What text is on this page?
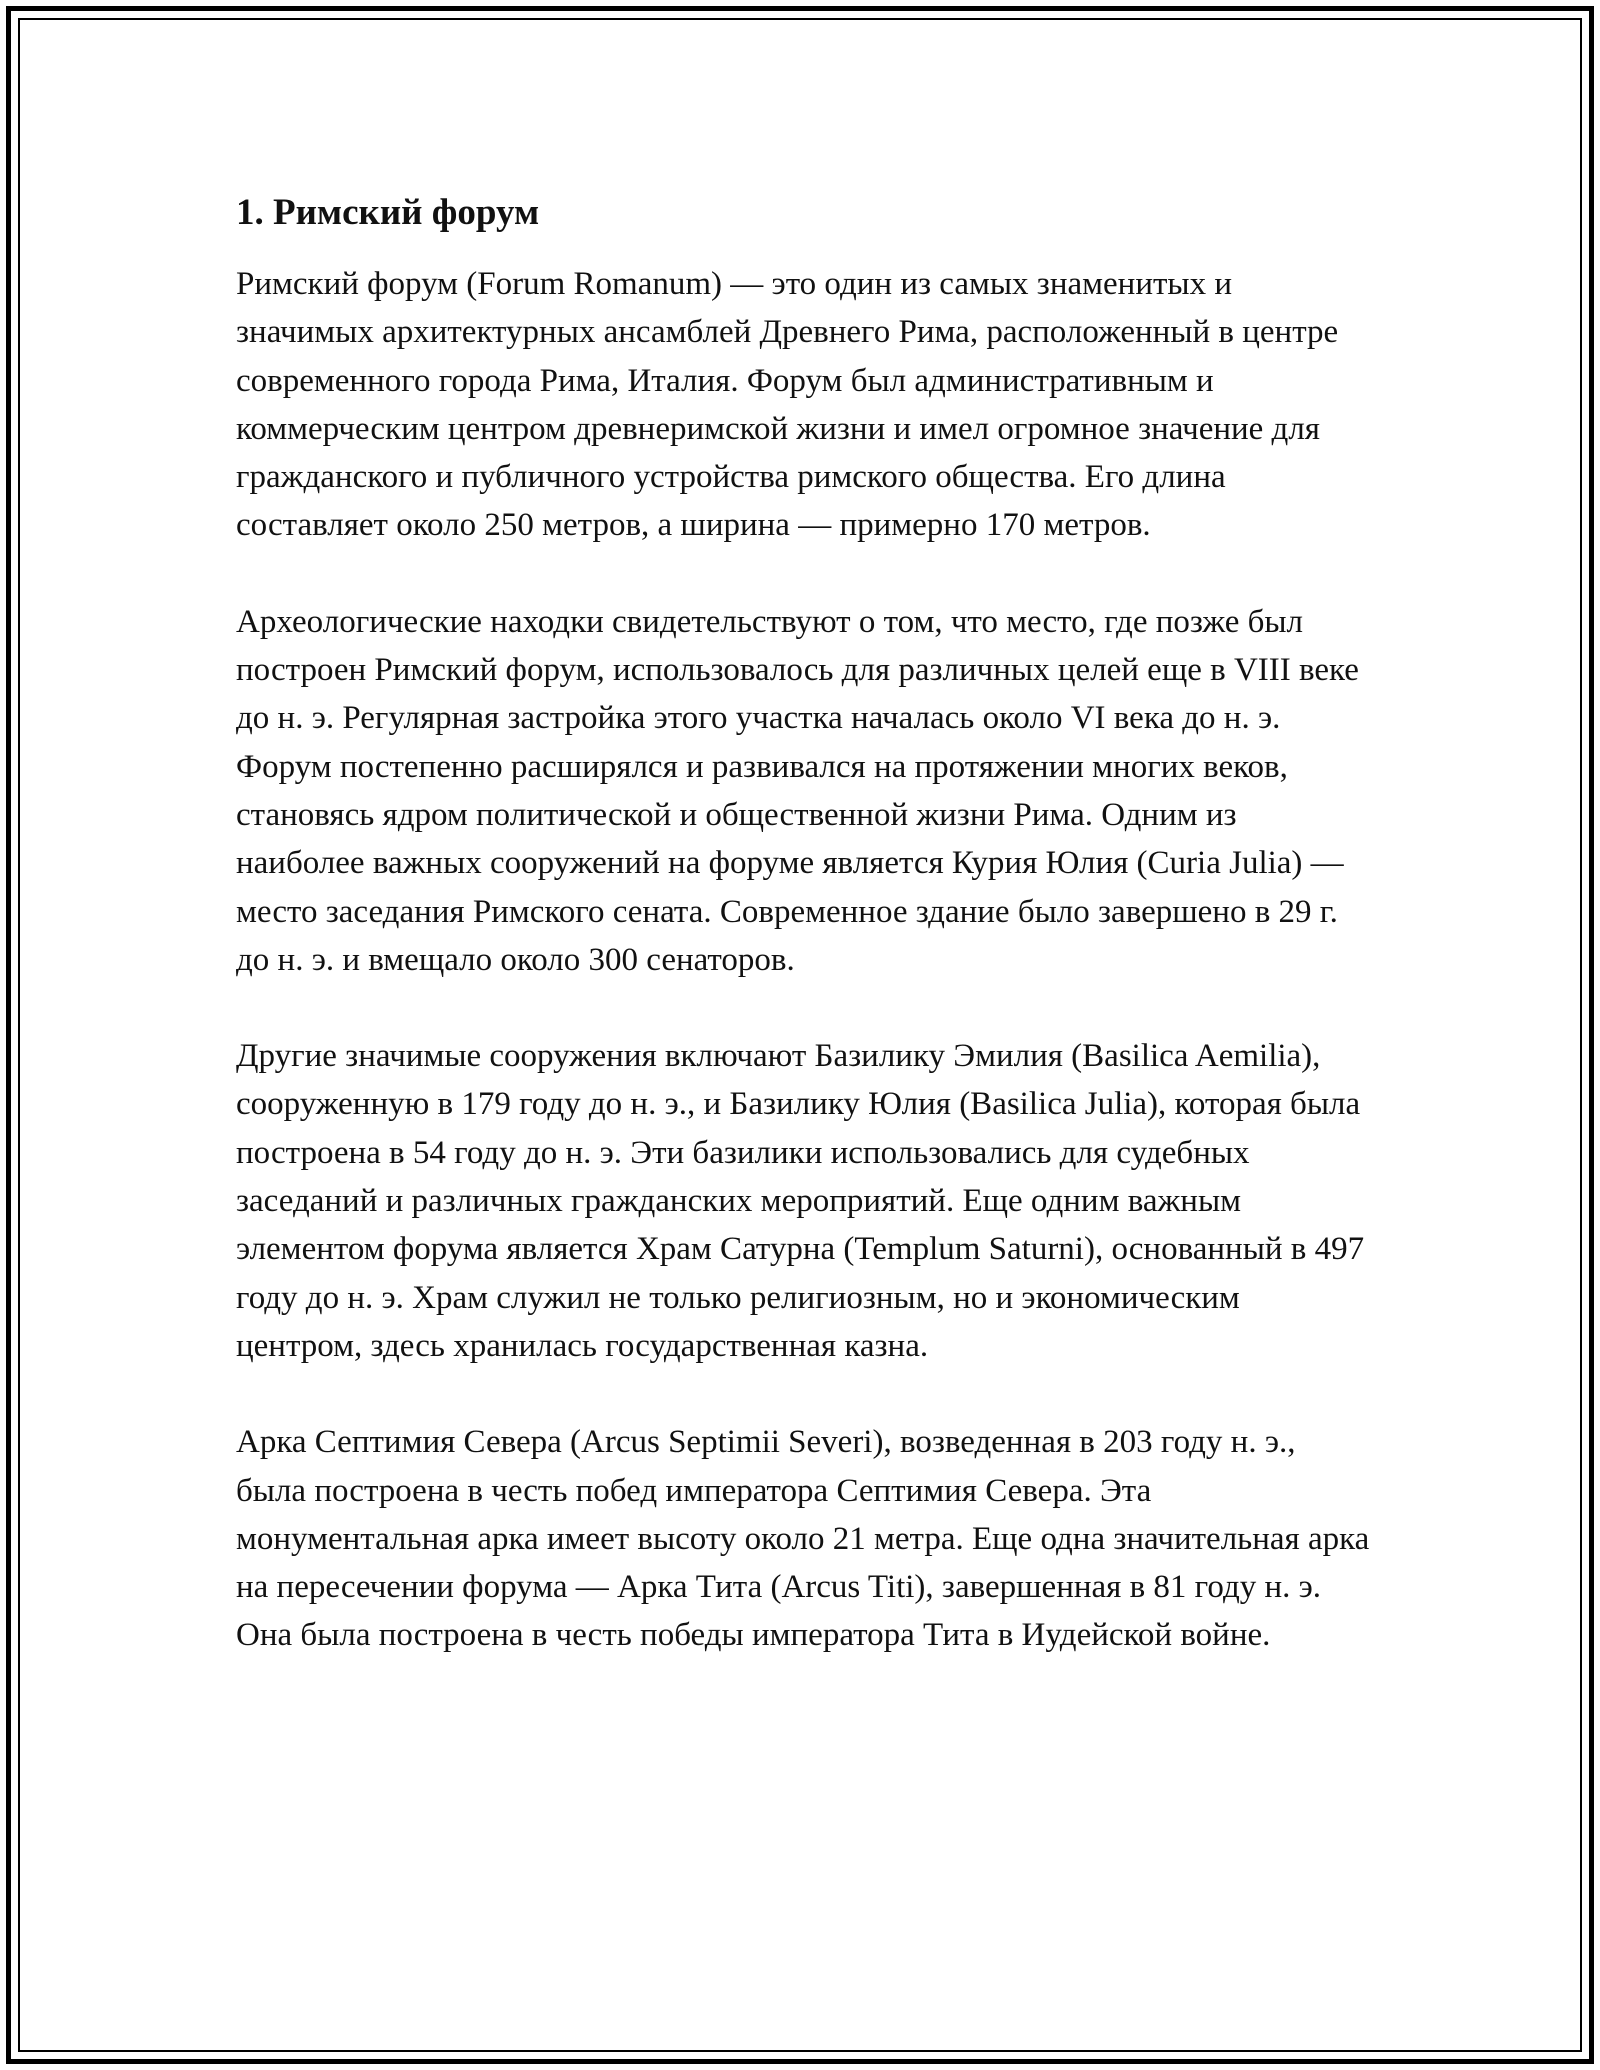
1. Римский форум

Римский форум (Forum Romanum) — это один из самых знаменитых и значимых архитектурных ансамблей Древнего Рима, расположенный в центре современного города Рима, Италия. Форум был административным и коммерческим центром древнеримской жизни и имел огромное значение для гражданского и публичного устройства римского общества. Его длина составляет около 250 метров, а ширина — примерно 170 метров.

Археологические находки свидетельствуют о том, что место, где позже был построен Римский форум, использовалось для различных целей еще в VIII веке до н. э. Регулярная застройка этого участка началась около VI века до н. э. Форум постепенно расширялся и развивался на протяжении многих веков, становясь ядром политической и общественной жизни Рима. Одним из наиболее важных сооружений на форуме является Курия Юлия (Curia Julia) — место заседания Римского сената. Современное здание было завершено в 29 г. до н. э. и вмещало около 300 сенаторов.

Другие значимые сооружения включают Базилику Эмилия (Basilica Aemilia), сооруженную в 179 году до н. э., и Базилику Юлия (Basilica Julia), которая была построена в 54 году до н. э. Эти базилики использовались для судебных заседаний и различных гражданских мероприятий. Еще одним важным элементом форума является Храм Сатурна (Templum Saturni), основанный в 497 году до н. э. Храм служил не только религиозным, но и экономическим центром, здесь хранилась государственная казна.

Арка Септимия Севера (Arcus Septimii Severi), возведенная в 203 году н. э., была построена в честь побед императора Септимия Севера. Эта монументальная арка имеет высоту около 21 метра. Еще одна значительная арка на пересечении форума — Арка Тита (Arcus Titi), завершенная в 81 году н. э. Она была построена в честь победы императора Тита в Иудейской войне.
